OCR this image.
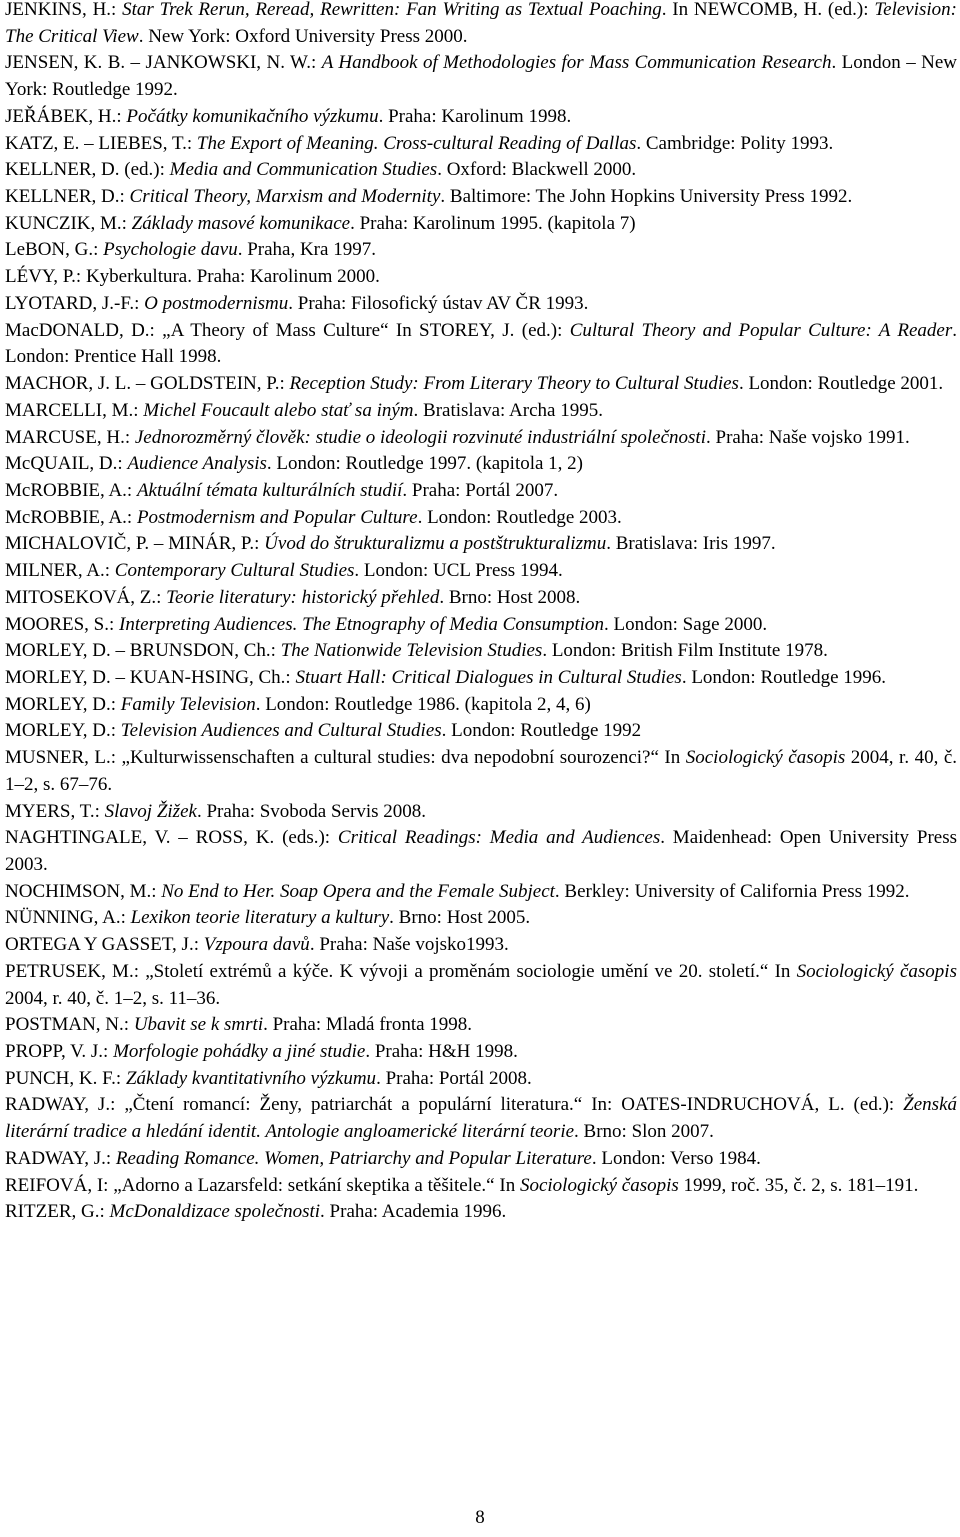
JENKINS, H.: Star Trek Rerun, Reread, Rewritten: Fan Writing as Textual Poaching. In NEWCOMB, H. (ed.): Television: The Critical View. New York: Oxford University Press 2000.

JENSEN, K. B. – JANKOWSKI, N. W.: A Handbook of Methodologies for Mass Communication Research. London – New York: Routledge 1992.

JEŘÁBEK, H.: Počátky komunikačního výzkumu. Praha: Karolinum 1998.

KATZ, E. – LIEBES, T.: The Export of Meaning. Cross-cultural Reading of Dallas. Cambridge: Polity 1993.

KELLNER, D. (ed.): Media and Communication Studies. Oxford: Blackwell 2000.

KELLNER, D.: Critical Theory, Marxism and Modernity. Baltimore: The John Hopkins University Press 1992.

KUNCZIK, M.: Základy masové komunikace. Praha: Karolinum 1995. (kapitola 7)

LeBON, G.: Psychologie davu. Praha, Kra 1997.

LÉVY, P.: Kyberkultura. Praha: Karolinum 2000.

LYOTARD, J.-F.: O postmodernismu. Praha: Filosofický ústav AV ČR 1993.

MacDONALD, D.: „A Theory of Mass Culture“ In STOREY, J. (ed.): Cultural Theory and Popular Culture: A Reader. London: Prentice Hall 1998.

MACHOR, J. L. – GOLDSTEIN, P.: Reception Study: From Literary Theory to Cultural Studies. London: Routledge 2001.

MARCELLI, M.: Michel Foucault alebo stať sa iným. Bratislava: Archa 1995.

MARCUSE, H.: Jednorozměrný člověk: studie o ideologii rozvinuté industriální společnosti. Praha: Naše vojsko 1991.

McQUAIL, D.: Audience Analysis. London: Routledge 1997. (kapitola 1, 2)

McROBBIE, A.: Aktuální témata kulturálních studií. Praha: Portál 2007.

McROBBIE, A.: Postmodernism and Popular Culture. London: Routledge 2003.

MICHALOVIČ, P. – MINÁR, P.: Úvod do štrukturalizmu a postštrukturalizmu. Bratislava: Iris 1997.

MILNER, A.: Contemporary Cultural Studies. London: UCL Press 1994.

MITOSEKOVÁ, Z.: Teorie literatury: historický přehled. Brno: Host 2008.

MOORES, S.: Interpreting Audiences. The Etnography of Media Consumption. London: Sage 2000.

MORLEY, D. – BRUNSDON, Ch.: The Nationwide Television Studies. London: British Film Institute 1978.

MORLEY, D. – KUAN-HSING, Ch.: Stuart Hall: Critical Dialogues in Cultural Studies. London: Routledge 1996.

MORLEY, D.: Family Television. London: Routledge 1986. (kapitola 2, 4, 6)

MORLEY, D.: Television Audiences and Cultural Studies. London: Routledge 1992

MUSNER, L.: „Kulturwissenschaften a cultural studies: dva nepodobní sourozenci?“ In Sociologický časopis 2004, r. 40, č. 1–2, s. 67–76.

MYERS, T.: Slavoj Žižek. Praha: Svoboda Servis 2008.

NAGHTINGALE, V. – ROSS, K. (eds.): Critical Readings: Media and Audiences. Maidenhead: Open University Press 2003.

NOCHIMSON, M.: No End to Her. Soap Opera and the Female Subject. Berkley: University of California Press 1992.

NÜNNING, A.: Lexikon teorie literatury a kultury. Brno: Host 2005.

ORTEGA Y GASSET, J.: Vzpoura davů. Praha: Naše vojsko1993.

PETRUSEK, M.: „Století extrémů a kýče. K vývoji a proměnám sociologie umění ve 20. století.“ In Sociologický časopis 2004, r. 40, č. 1–2, s. 11–36.

POSTMAN, N.: Ubavit se k smrti. Praha: Mladá fronta 1998.

PROPP, V. J.: Morfologie pohádky a jiné studie. Praha: H&H 1998.

PUNCH, K. F.: Základy kvantitativního výzkumu. Praha: Portál 2008.

RADWAY, J.: „Čtení romancí: Ženy, patriarchát a populární literatura.“ In: OATES-INDRUCHOVÁ, L. (ed.): Ženská literární tradice a hledání identit. Antologie angloamerické literární teorie. Brno: Slon 2007.

RADWAY, J.: Reading Romance. Women, Patriarchy and Popular Literature. London: Verso 1984.

REIFOVÁ, I: „Adorno a Lazarsfeld: setkání skeptika a těšitele.“ In Sociologický časopis 1999, roč. 35, č. 2, s. 181–191.

RITZER, G.: McDonaldizace společnosti. Praha: Academia 1996.

8
